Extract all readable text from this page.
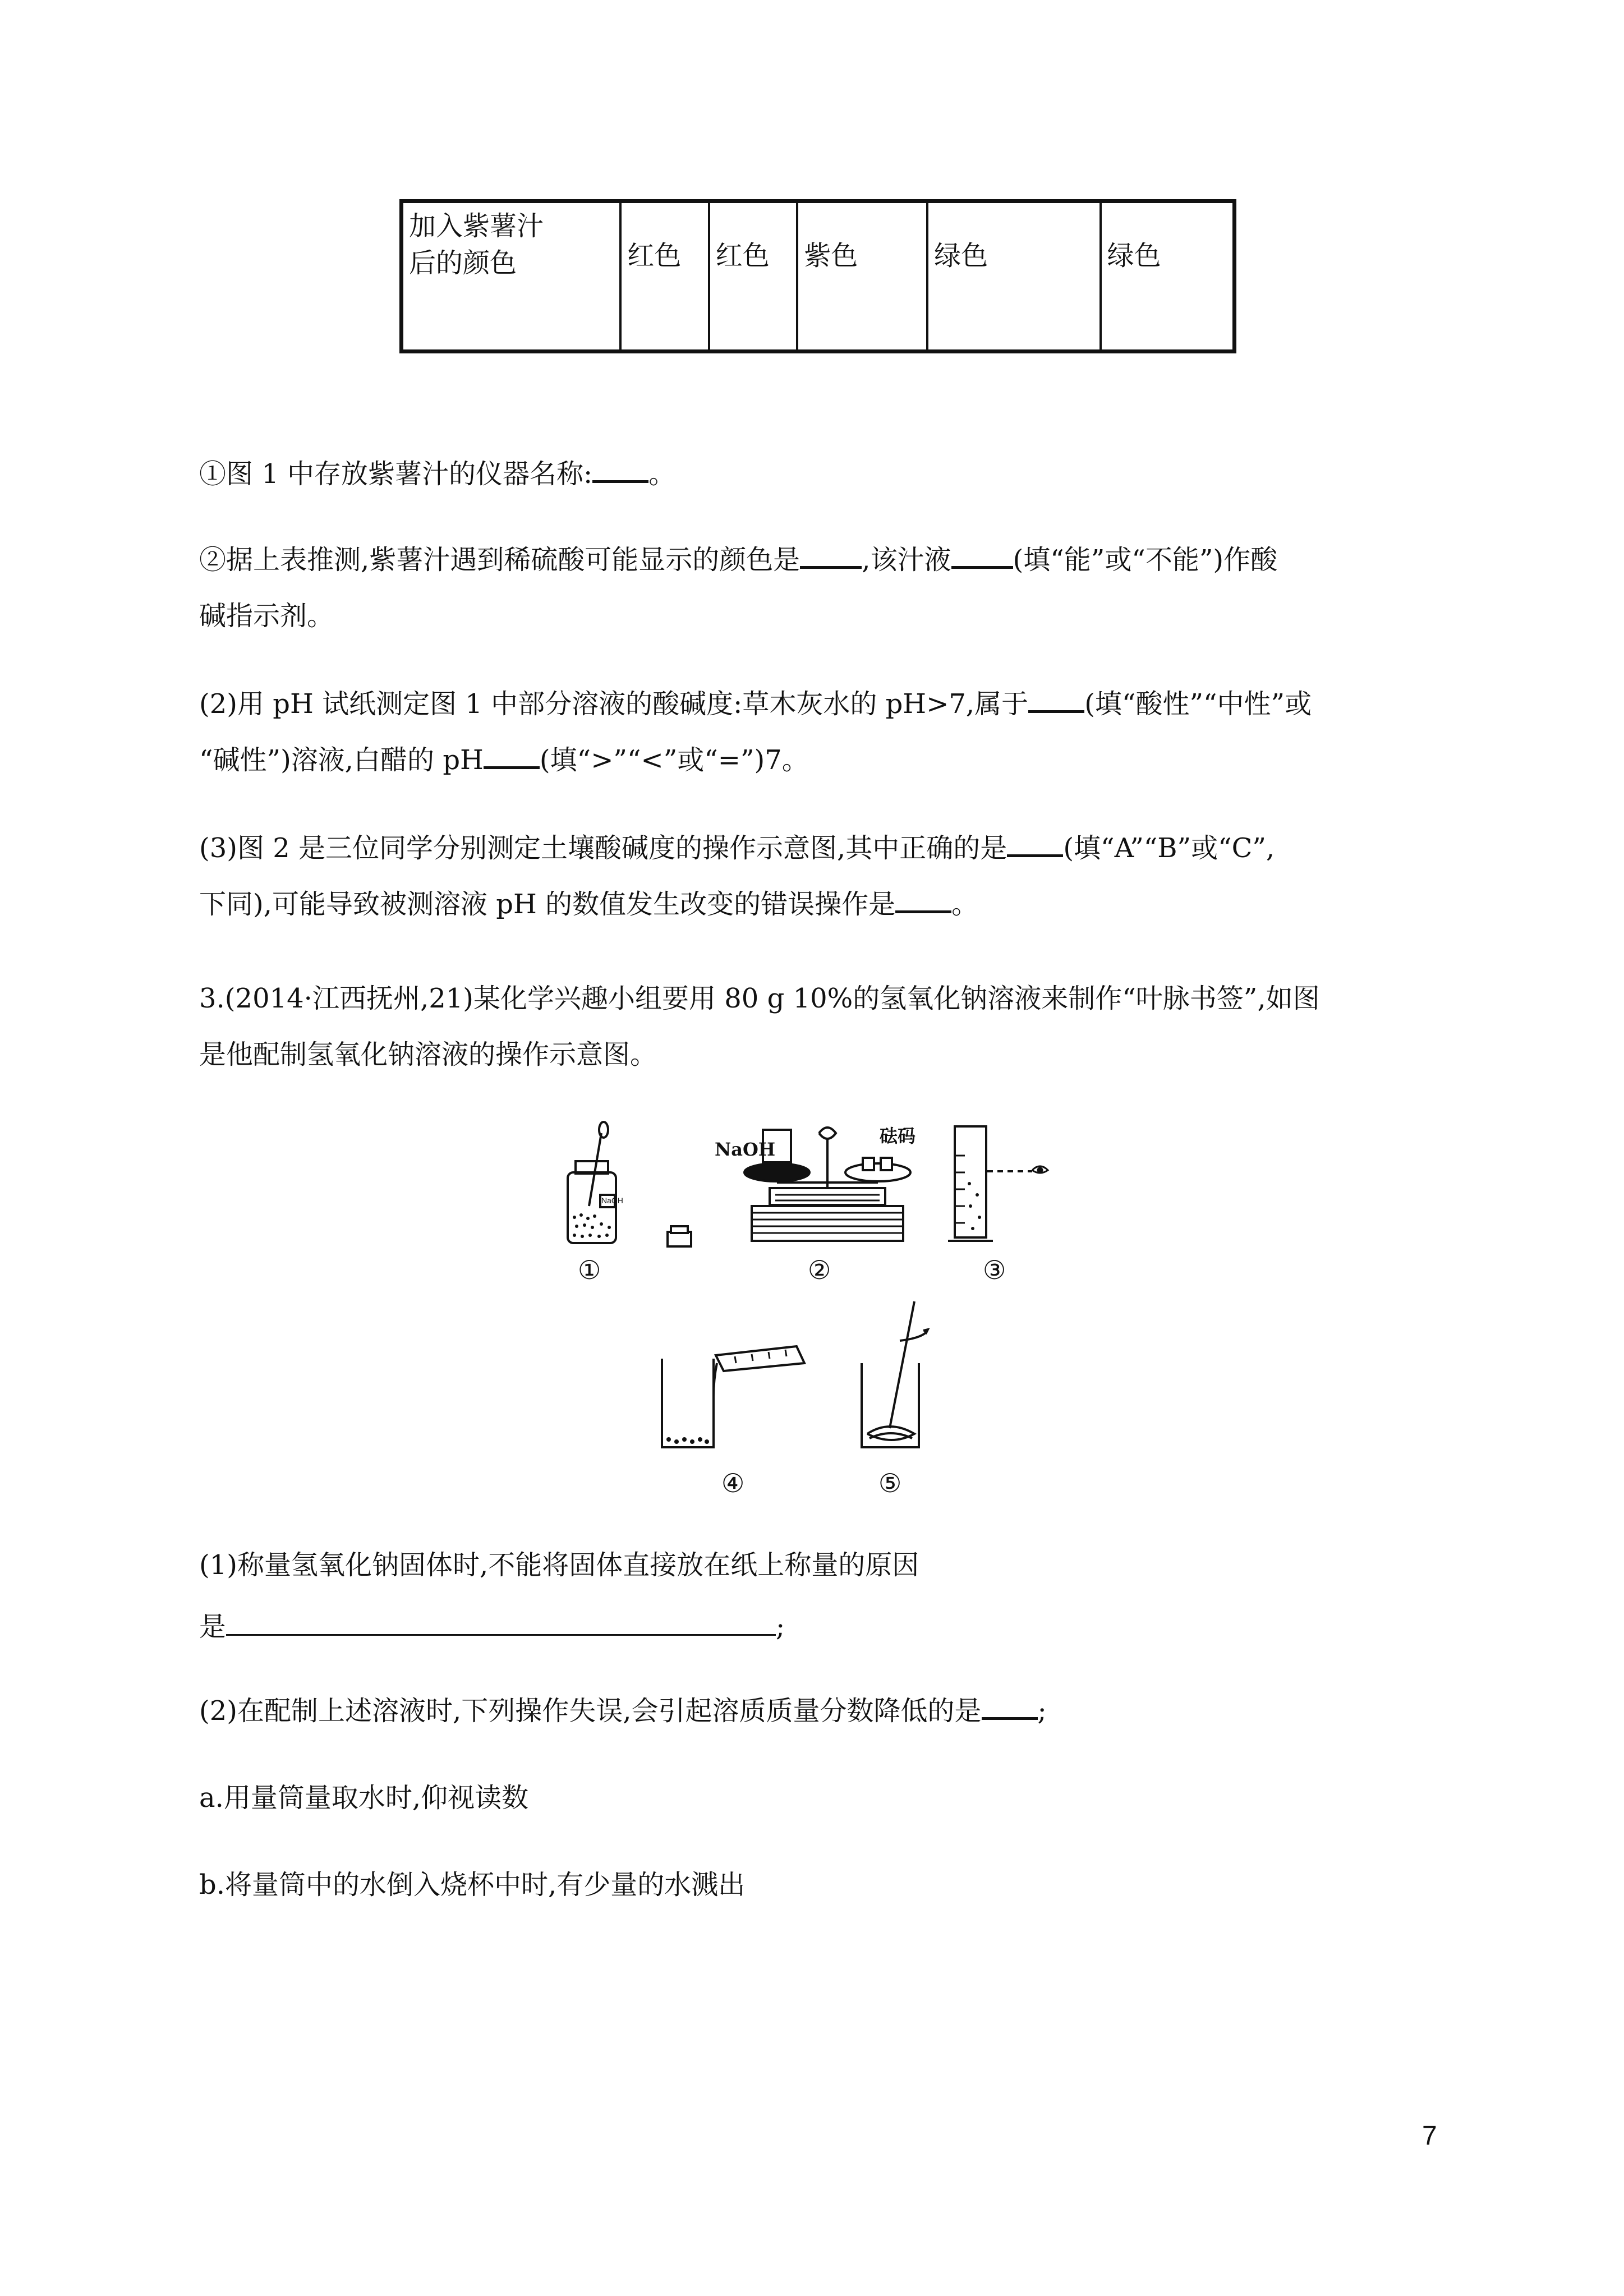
加入紫薯汁
后的颜色	红色	红色	紫色	绿色	绿色
①图 1 中存放紫薯汁的仪器名称: 。
②据上表推测,紫薯汁遇到稀硫酸可能显示的颜色是 ,该汁液 (填“能”或“不能”)作酸
碱指示剂。
(2)用 pH 试纸测定图 1 中部分溶液的酸碱度:草木灰水的 pH>7,属于 (填“酸性”“中性”或
“碱性”)溶液,白醋的 pH (填“>”“<”或“=”)7。
(3)图 2 是三位同学分别测定土壤酸碱度的操作示意图,其中正确的是 (填“A”“B”或“C”,
下同),可能导致被测溶液 pH 的数值发生改变的错误操作是 。
3.(2014·江西抚州,21)某化学兴趣小组要用 80 g 10%的氢氧化钠溶液来制作“叶脉书签”,如图
是他配制氢氧化钠溶液的操作示意图。
NaOH
NaOH
砝码
①	②	③
④	⑤
(1)称量氢氧化钠固体时,不能将固体直接放在纸上称量的原因
是	;
(2)在配制上述溶液时,下列操作失误,会引起溶质质量分数降低的是 ;
a.用量筒量取水时,仰视读数
b.将量筒中的水倒入烧杯中时,有少量的水溅出
7
